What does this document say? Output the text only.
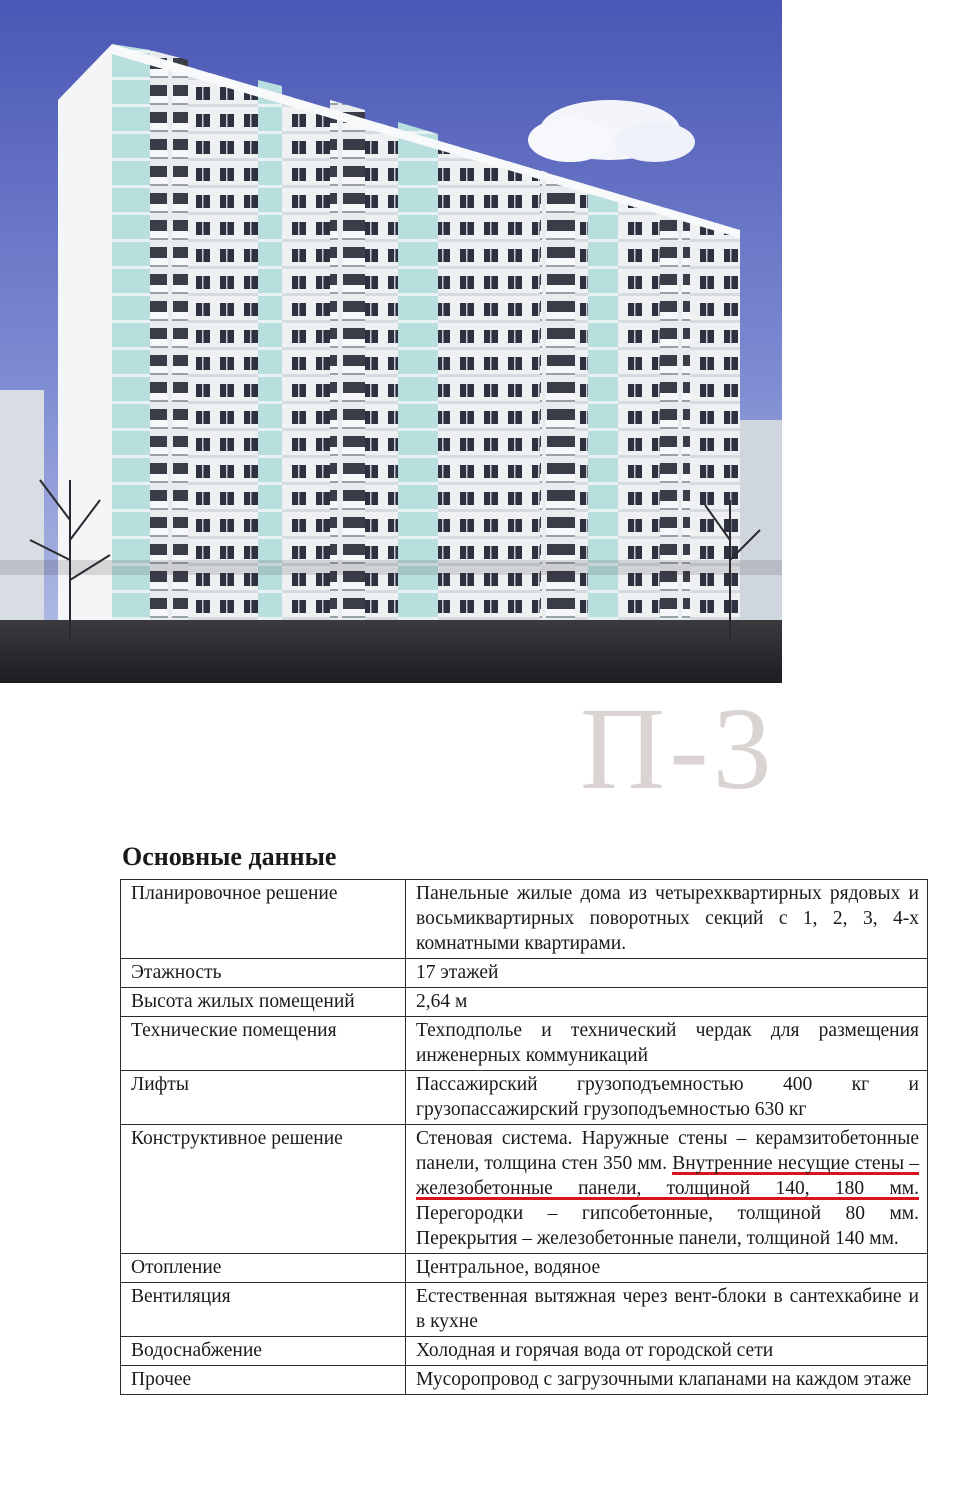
П-3
Основные данные
Планировочное решение	Панельные жилые дома из четырехквартирных рядовых и восьмиквартирных поворотных секций с 1, 2, 3, 4-х комнатными квартирами.
Этажность	17 этажей
Высота жилых помещений	2,64 м
Технические помещения	Техподполье и технический чердак для размещения инженерных коммуникаций
Лифты	Пассажирский грузоподъемностью 400 кг и грузопассажирский грузоподъемностью 630 кг
Конструктивное решение	Стеновая система. Наружные стены – керамзитобетонные панели, толщина стен 350 мм. Внутренние несущие стены – железобетонные панели, толщиной 140, 180 мм. Перегородки – гипсобетонные, толщиной 80 мм. Перекрытия – железобетонные панели, толщиной 140 мм.
Отопление	Центральное, водяное
Вентиляция	Естественная вытяжная через вент-блоки в сантехкабине и в кухне
Водоснабжение	Холодная и горячая вода от городской сети
Прочее	Мусоропровод с загрузочными клапанами на каждом этаже
